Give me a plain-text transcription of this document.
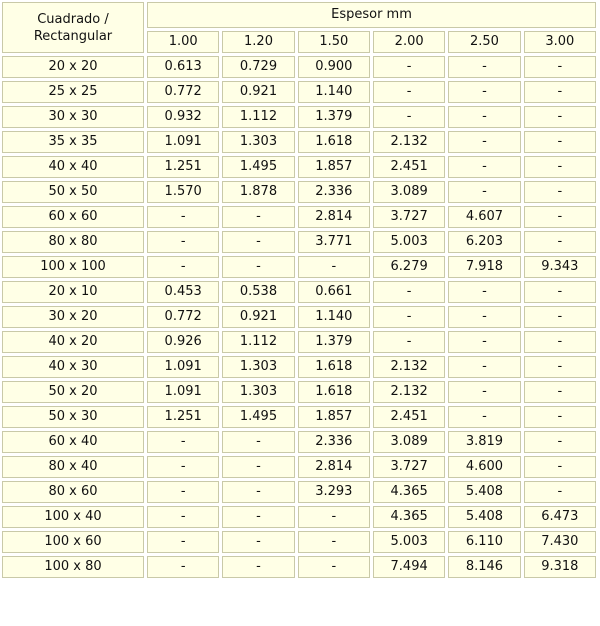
Cuadrado /
Rectangular	Espesor mm					
	1.00	1.20	1.50	2.00	2.50	3.00
20 x 20	0.613	0.729	0.900	-	-	-
25 x 25	0.772	0.921	1.140	-	-	-
30 x 30	0.932	1.112	1.379	-	-	-
35 x 35	1.091	1.303	1.618	2.132	-	-
40 x 40	1.251	1.495	1.857	2.451	-	-
50 x 50	1.570	1.878	2.336	3.089	-	-
60 x 60	-	-	2.814	3.727	4.607	-
80 x 80	-	-	3.771	5.003	6.203	-
100 x 100	-	-	-	6.279	7.918	9.343
20 x 10	0.453	0.538	0.661	-	-	-
30 x 20	0.772	0.921	1.140	-	-	-
40 x 20	0.926	1.112	1.379	-	-	-
40 x 30	1.091	1.303	1.618	2.132	-	-
50 x 20	1.091	1.303	1.618	2.132	-	-
50 x 30	1.251	1.495	1.857	2.451	-	-
60 x 40	-	-	2.336	3.089	3.819	-
80 x 40	-	-	2.814	3.727	4.600	-
80 x 60	-	-	3.293	4.365	5.408	-
100 x 40	-	-	-	4.365	5.408	6.473
100 x 60	-	-	-	5.003	6.110	7.430
100 x 80	-	-	-	7.494	8.146	9.318
